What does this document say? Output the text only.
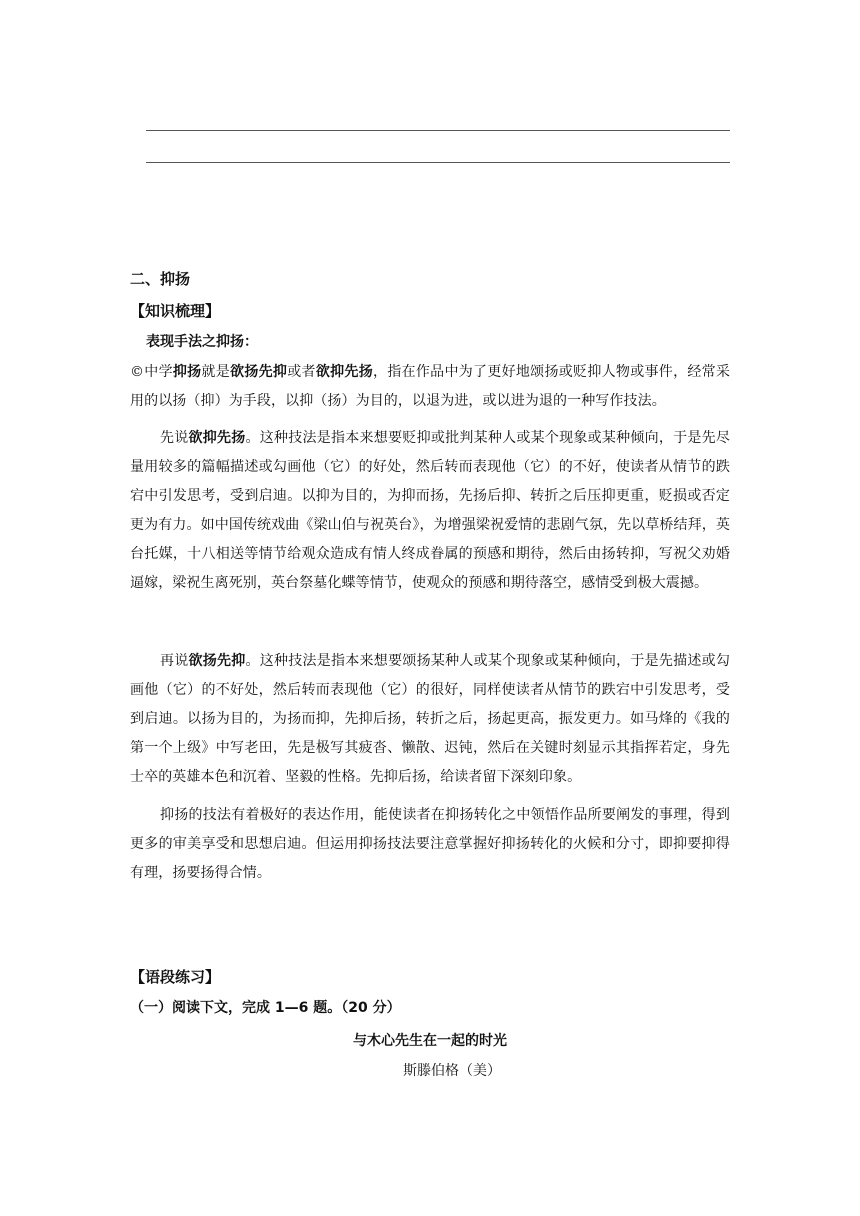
二、抑扬
【知识梳理】
表现手法之抑扬：

©中学抑扬就是欲扬先抑或者欲抑先扬，指在作品中为了更好地颂扬或贬抑人物或事件，经常采用的以扬（抑）为手段，以抑（扬）为目的，以退为进，或以进为退的一种写作技法。

先说欲抑先扬。这种技法是指本来想要贬抑或批判某种人或某个现象或某种倾向，于是先尽量用较多的篇幅描述或勾画他（它）的好处，然后转而表现他（它）的不好，使读者从情节的跌宕中引发思考，受到启迪。以抑为目的，为抑而扬，先扬后抑、转折之后压抑更重，贬损或否定更为有力。如中国传统戏曲《梁山伯与祝英台》，为增强梁祝爱情的悲剧气氛，先以草桥结拜，英台托媒，十八相送等情节给观众造成有情人终成眷属的预感和期待，然后由扬转抑，写祝父劝婚逼嫁，梁祝生离死别，英台祭墓化蝶等情节，使观众的预感和期待落空，感情受到极大震撼。

再说欲扬先抑。这种技法是指本来想要颂扬某种人或某个现象或某种倾向，于是先描述或勾画他（它）的不好处，然后转而表现他（它）的很好，同样使读者从情节的跌宕中引发思考，受到启迪。以扬为目的，为扬而抑，先抑后扬，转折之后，扬起更高，振发更力。如马烽的《我的第一个上级》中写老田，先是极写其疲沓、懒散、迟钝，然后在关键时刻显示其指挥若定，身先士卒的英雄本色和沉着、坚毅的性格。先抑后扬，给读者留下深刻印象。

抑扬的技法有着极好的表达作用，能使读者在抑扬转化之中领悟作品所要阐发的事理，得到更多的审美享受和思想启迪。但运用抑扬技法要注意掌握好抑扬转化的火候和分寸，即抑要抑得有理，扬要扬得合情。

【语段练习】
（一）阅读下文，完成 1—6 题。（20 分）
与木心先生在一起的时光
斯滕伯格（美）
